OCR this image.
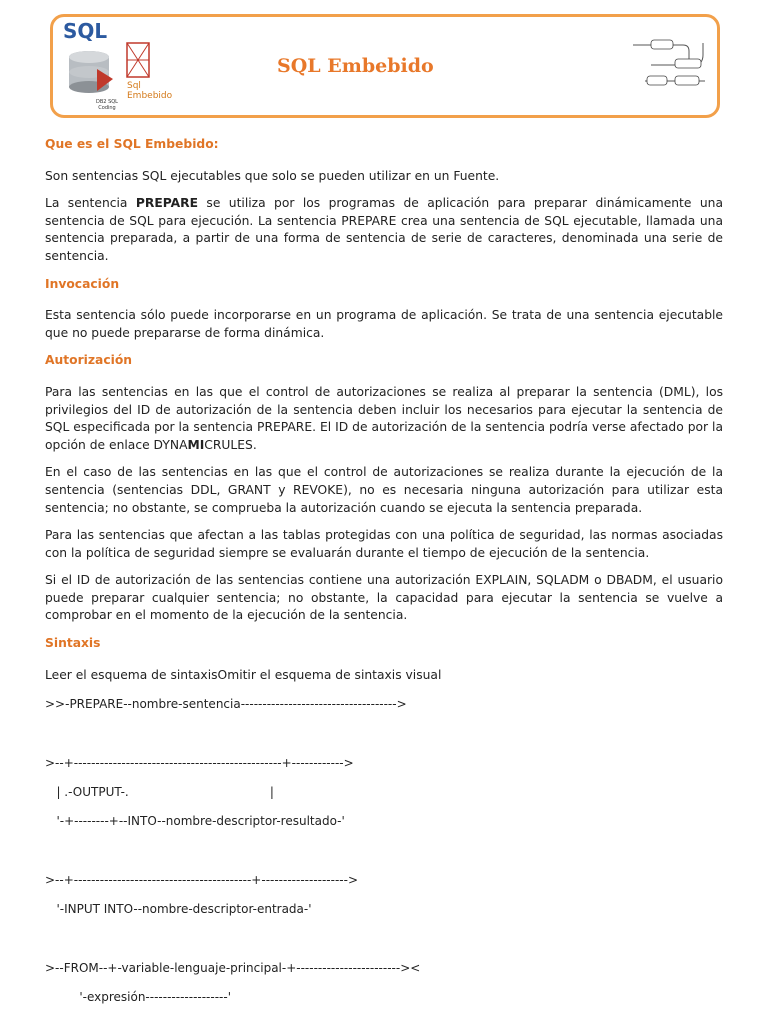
SQL
Sql Embebido
DB2 SQL Coding
SQL Embebido
Que es el SQL Embebido:

Son sentencias SQL ejecutables que solo se pueden utilizar en un Fuente.

La sentencia PREPARE se utiliza por los programas de aplicación para preparar dinámicamente una sentencia de SQL para ejecución. La sentencia PREPARE crea una sentencia de SQL ejecutable, llamada una sentencia preparada, a partir de una forma de sentencia de serie de caracteres, denominada una serie de sentencia.

Invocación

Esta sentencia sólo puede incorporarse en un programa de aplicación. Se trata de una sentencia ejecutable que no puede prepararse de forma dinámica.

Autorización

Para las sentencias en las que el control de autorizaciones se realiza al preparar la sentencia (DML), los privilegios del ID de autorización de la sentencia deben incluir los necesarios para ejecutar la sentencia de SQL especificada por la sentencia PREPARE. El ID de autorización de la sentencia podría verse afectado por la opción de enlace DYNAMICRULES.

En el caso de las sentencias en las que el control de autorizaciones se realiza durante la ejecución de la sentencia (sentencias DDL, GRANT y REVOKE), no es necesaria ninguna autorización para utilizar esta sentencia; no obstante, se comprueba la autorización cuando se ejecuta la sentencia preparada.

Para las sentencias que afectan a las tablas protegidas con una política de seguridad, las normas asociadas con la política de seguridad siempre se evaluarán durante el tiempo de ejecución de la sentencia.

Si el ID de autorización de las sentencias contiene una autorización EXPLAIN, SQLADM o DBADM, el usuario puede preparar cualquier sentencia; no obstante, la capacidad para ejecutar la sentencia se vuelve a comprobar en el momento de la ejecución de la sentencia.

Sintaxis

Leer el esquema de sintaxisOmitir el esquema de sintaxis visual

>>-PREPARE--nombre-sentencia------------------------------------>
>--+------------------------------------------------+------------>
| .-OUTPUT-.                                     |
'-+--------+--INTO--nombre-descriptor-resultado-'
>--+-----------------------------------------+-------------------->
'-INPUT INTO--nombre-descriptor-entrada-'
>--FROM--+-variable-lenguaje-principal-+------------------------><
'-expresión-------------------'
